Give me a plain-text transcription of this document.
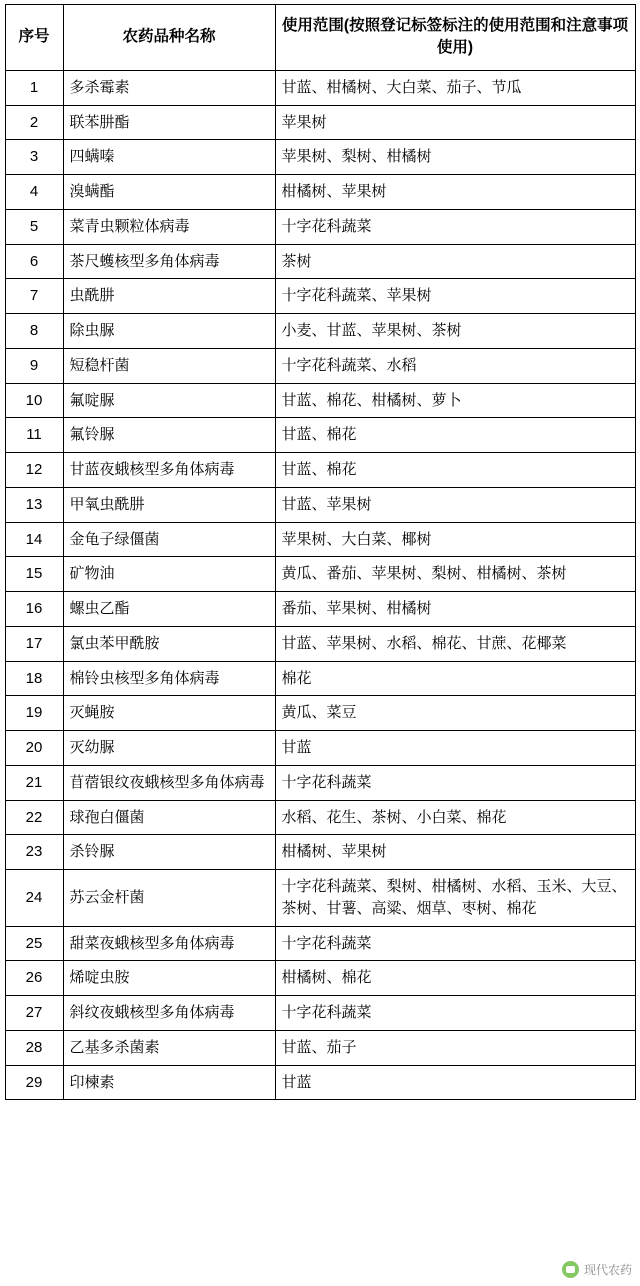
序号	农药品种名称	使用范围(按照登记标签标注的使用范围和注意事项使用)
1	多杀霉素	甘蓝、柑橘树、大白菜、茄子、节瓜
2	联苯肼酯	苹果树
3	四螨嗪	苹果树、梨树、柑橘树
4	溴螨酯	柑橘树、苹果树
5	菜青虫颗粒体病毒	十字花科蔬菜
6	茶尺蠖核型多角体病毒	茶树
7	虫酰肼	十字花科蔬菜、苹果树
8	除虫脲	小麦、甘蓝、苹果树、茶树
9	短稳杆菌	十字花科蔬菜、水稻
10	氟啶脲	甘蓝、棉花、柑橘树、萝卜
11	氟铃脲	甘蓝、棉花
12	甘蓝夜蛾核型多角体病毒	甘蓝、棉花
13	甲氧虫酰肼	甘蓝、苹果树
14	金龟子绿僵菌	苹果树、大白菜、椰树
15	矿物油	黄瓜、番茄、苹果树、梨树、柑橘树、茶树
16	螺虫乙酯	番茄、苹果树、柑橘树
17	氯虫苯甲酰胺	甘蓝、苹果树、水稻、棉花、甘蔗、花椰菜
18	棉铃虫核型多角体病毒	棉花
19	灭蝇胺	黄瓜、菜豆
20	灭幼脲	甘蓝
21	苜蓿银纹夜蛾核型多角体病毒	十字花科蔬菜
22	球孢白僵菌	水稻、花生、茶树、小白菜、棉花
23	杀铃脲	柑橘树、苹果树
24	苏云金杆菌	十字花科蔬菜、梨树、柑橘树、水稻、玉米、大豆、茶树、甘薯、高粱、烟草、枣树、棉花
25	甜菜夜蛾核型多角体病毒	十字花科蔬菜
26	烯啶虫胺	柑橘树、棉花
27	斜纹夜蛾核型多角体病毒	十字花科蔬菜
28	乙基多杀菌素	甘蓝、茄子
29	印楝素	甘蓝
现代农药
